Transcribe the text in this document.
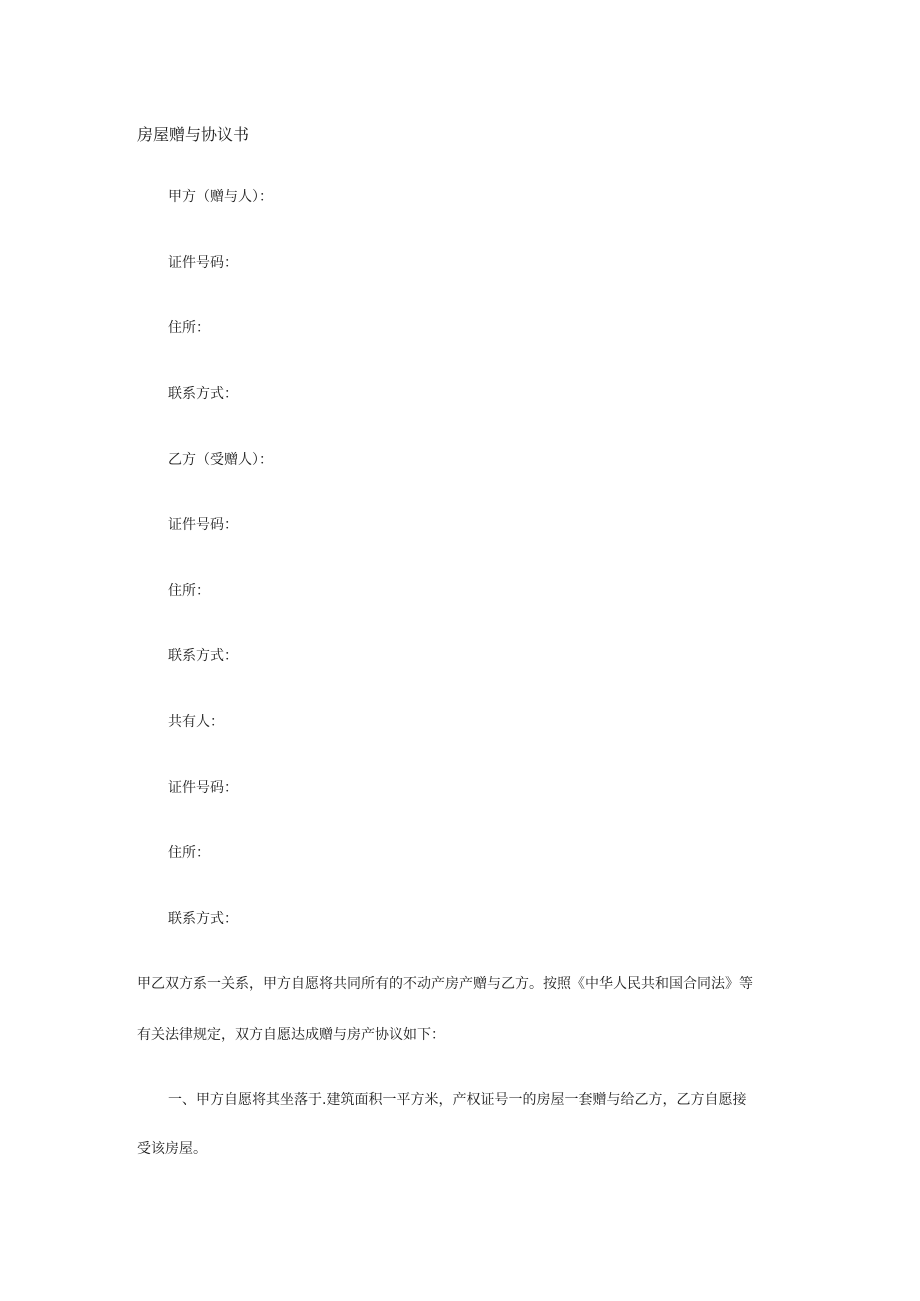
房屋赠与协议书
甲方（赠与人）：
证件号码：
住所：
联系方式：
乙方（受赠人）：
证件号码：
住所：
联系方式：
共有人：
证件号码：
住所：
联系方式：
甲乙双方系一关系，甲方自愿将共同所有的不动产房产赠与乙方。按照《中华人民共和国合同法》等
有关法律规定，双方自愿达成赠与房产协议如下：
一、甲方自愿将其坐落于.建筑面积一平方米，产权证号一的房屋一套赠与给乙方，乙方自愿接
受该房屋。
